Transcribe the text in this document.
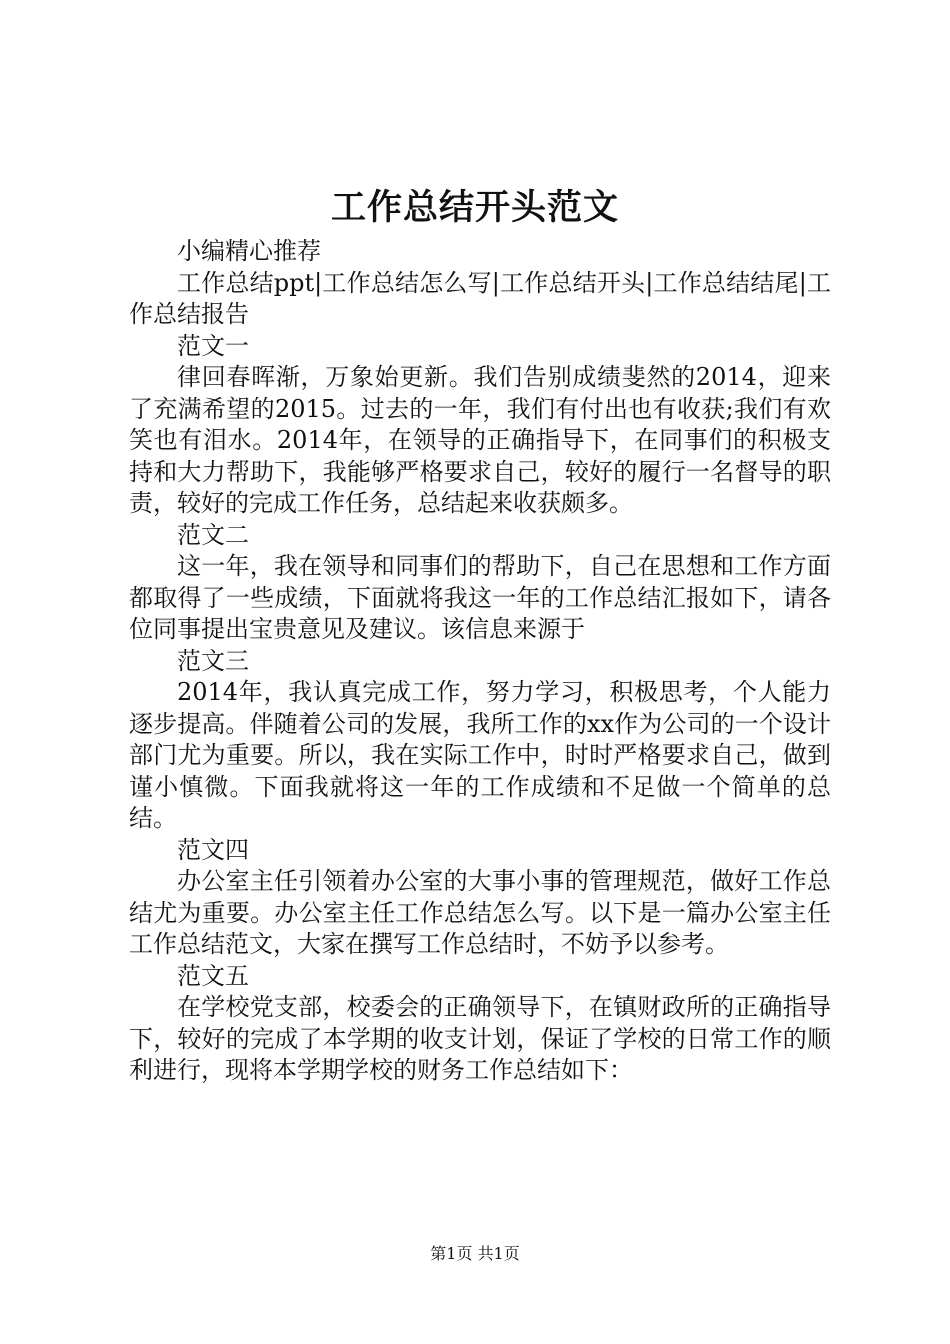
工作总结开头范文

小编精心推荐

工作总结ppt|工作总结怎么写|工作总结开头|工作总结结尾|工作总结报告

范文一

律回春晖渐，万象始更新。我们告别成绩斐然的2014，迎来了充满希望的2015。过去的一年，我们有付出也有收获;我们有欢笑也有泪水。2014年，在领导的正确指导下，在同事们的积极支持和大力帮助下，我能够严格要求自己，较好的履行一名督导的职责，较好的完成工作任务，总结起来收获颇多。

范文二

这一年，我在领导和同事们的帮助下，自己在思想和工作方面都取得了一些成绩，下面就将我这一年的工作总结汇报如下，请各位同事提出宝贵意见及建议。该信息来源于

范文三

2014年，我认真完成工作，努力学习，积极思考，个人能力逐步提高。伴随着公司的发展，我所工作的xx作为公司的一个设计部门尤为重要。所以，我在实际工作中，时时严格要求自己，做到谨小慎微。下面我就将这一年的工作成绩和不足做一个简单的总结。

范文四

办公室主任引领着办公室的大事小事的管理规范，做好工作总结尤为重要。办公室主任工作总结怎么写。以下是一篇办公室主任工作总结范文，大家在撰写工作总结时，不妨予以参考。

范文五

在学校党支部，校委会的正确领导下，在镇财政所的正确指导下，较好的完成了本学期的收支计划，保证了学校的日常工作的顺利进行，现将本学期学校的财务工作总结如下：

第1页 共1页
